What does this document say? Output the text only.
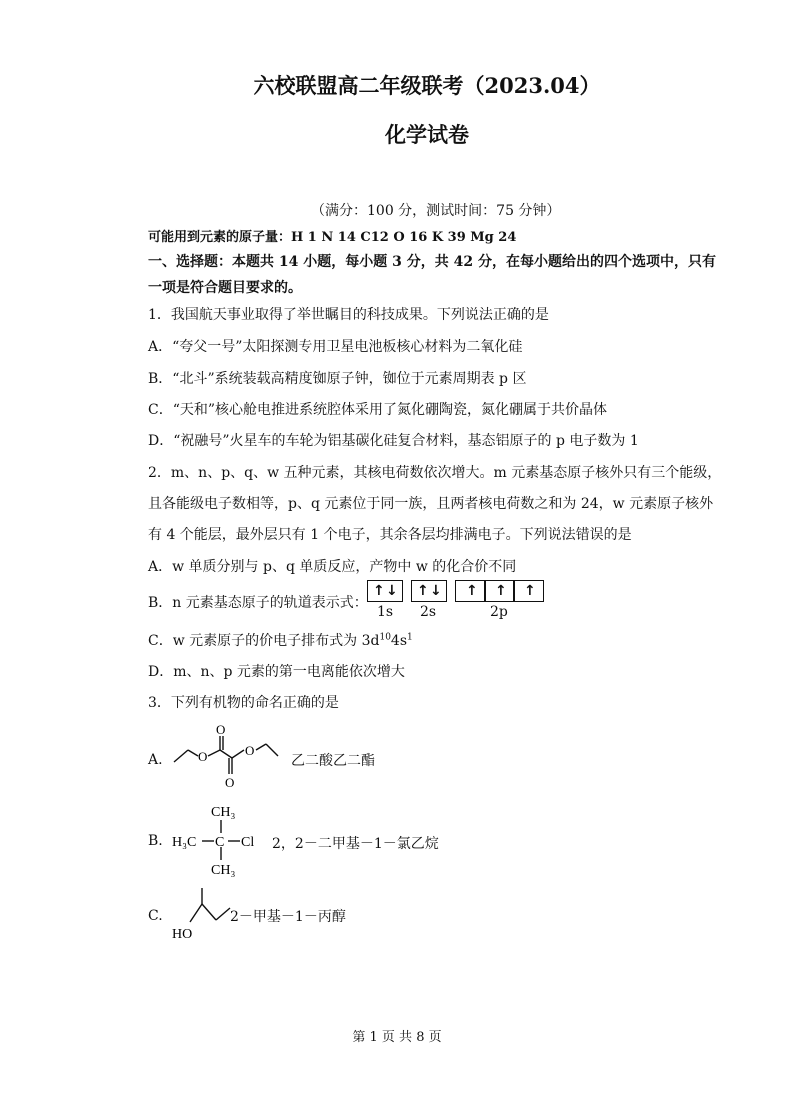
六校联盟高二年级联考（2023.04）
化学试卷
（满分：100 分，测试时间：75 分钟）
可能用到元素的原子量：H 1 N 14 C12 O 16 K 39 Mg 24
一、选择题：本题共 14 小题，每小题 3 分，共 42 分，在每小题给出的四个选项中，只有
一项是符合题目要求的。
1．我国航天事业取得了举世瞩目的科技成果。下列说法正确的是
A．“夸父一号”太阳探测专用卫星电池板核心材料为二氧化硅
B．“北斗”系统装载高精度铷原子钟，铷位于元素周期表 p 区
C．“天和”核心舱电推进系统腔体采用了氮化硼陶瓷，氮化硼属于共价晶体
D．“祝融号”火星车的车轮为铝基碳化硅复合材料，基态铝原子的 p 电子数为 1
2．m、n、p、q、w 五种元素，其核电荷数依次增大。m 元素基态原子核外只有三个能级，
且各能级电子数相等，p、q 元素位于同一族，且两者核电荷数之和为 24，w 元素原子核外
有 4 个能层，最外层只有 1 个电子，其余各层均排满电子。下列说法错误的是
A．w 单质分别与 p、q 单质反应，产物中 w 的化合价不同
B．n 元素基态原子的轨道表示式：
↑ ↓ ↑ ↓ ↑ ↑ ↑
1s 2s	2p
C．w 元素原子的价电子排布式为 $3d^{10}4s^1$
D．m、n、p 元素的第一电离能依次增大
3．下列有机物的命名正确的是
A.	O
O
O
O
乙二酸乙二酯
B. H₃C C Cl
CH₃
CH₃
2，2－二甲基－1－氯乙烷
C.
HO
2－甲基－1－丙醇
第 1 页 共 8 页
